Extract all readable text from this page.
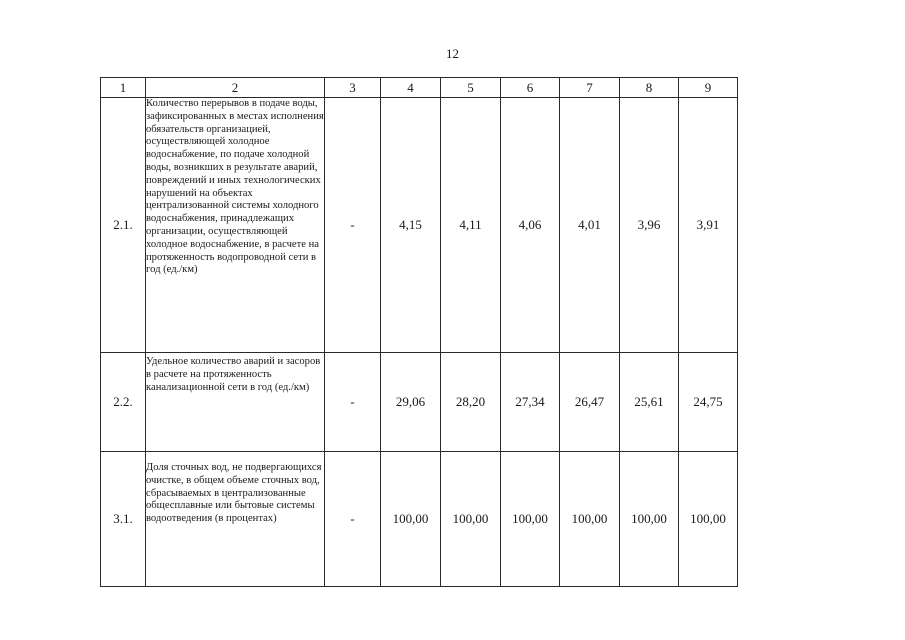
12
1	2	3	4	5	6	7	8	9
2.1.	Количество перерывов в подаче воды, зафиксированных в местах исполнения обязательств организацией, осуществляющей холодное водоснабжение, по подаче холодной воды, возникших в результате аварий, повреждений и иных технологических нарушений на объектах централизованной системы холодного водоснабжения, принадлежащих организации, осуществляющей холодное водоснабжение, в расчете на протяженность водопроводной сети в год (ед./км)	-	4,15	4,11	4,06	4,01	3,96	3,91
2.2.	Удельное количество аварий и засоров в расчете на протяженность канализационной сети в год (ед./км)	-	29,06	28,20	27,34	26,47	25,61	24,75
3.1.	Доля сточных вод, не подвергающихся очистке, в общем объеме сточных вод, сбрасываемых в централизованные общесплавные или бытовые системы водоотведения (в процентах)	-	100,00	100,00	100,00	100,00	100,00	100,00
